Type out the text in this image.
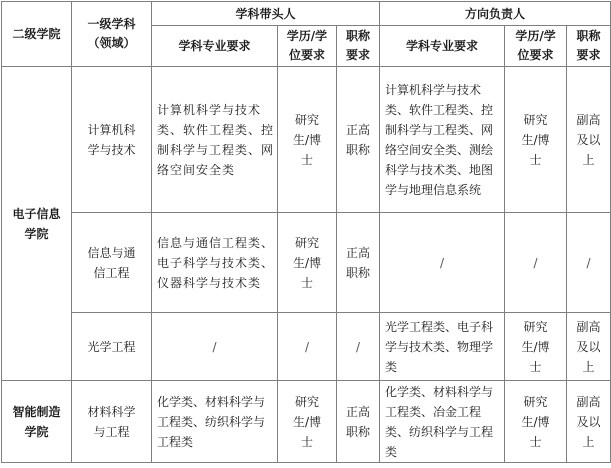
二级学院	一级学科（领域）	学科带头人			方向负责人		
		学科专业要求	学历/学位要求	职称要求	学科专业要求	学历/学位要求	职称要求

电子信息学院	计算机科学与技术	计算机科学与技术类、软件工程类、控制科学与工程类、网络空间安全类	研究生/博士	正高职称	计算机科学与技术类、软件工程类、控制科学与工程类、网络空间安全类、测绘科学与技术类、地图学与地理信息系统	研究生/博士	副高及以上

	信息与通信工程	信息与通信工程类、电子科学与技术类、仪器科学与技术类	研究生/博士	正高职称	/	/	/
	光学工程	/	/	/	光学工程类、电子科学与技术类、物理学类	研究生/博士	副高及以上

智能制造学院	材料科学与工程	化学类、材料科学与工程类、纺织科学与工程类	研究生/博士	正高职称	化学类、材料科学与工程类、冶金工程类、纺织科学与工程类	研究生/博士	副高及以上
